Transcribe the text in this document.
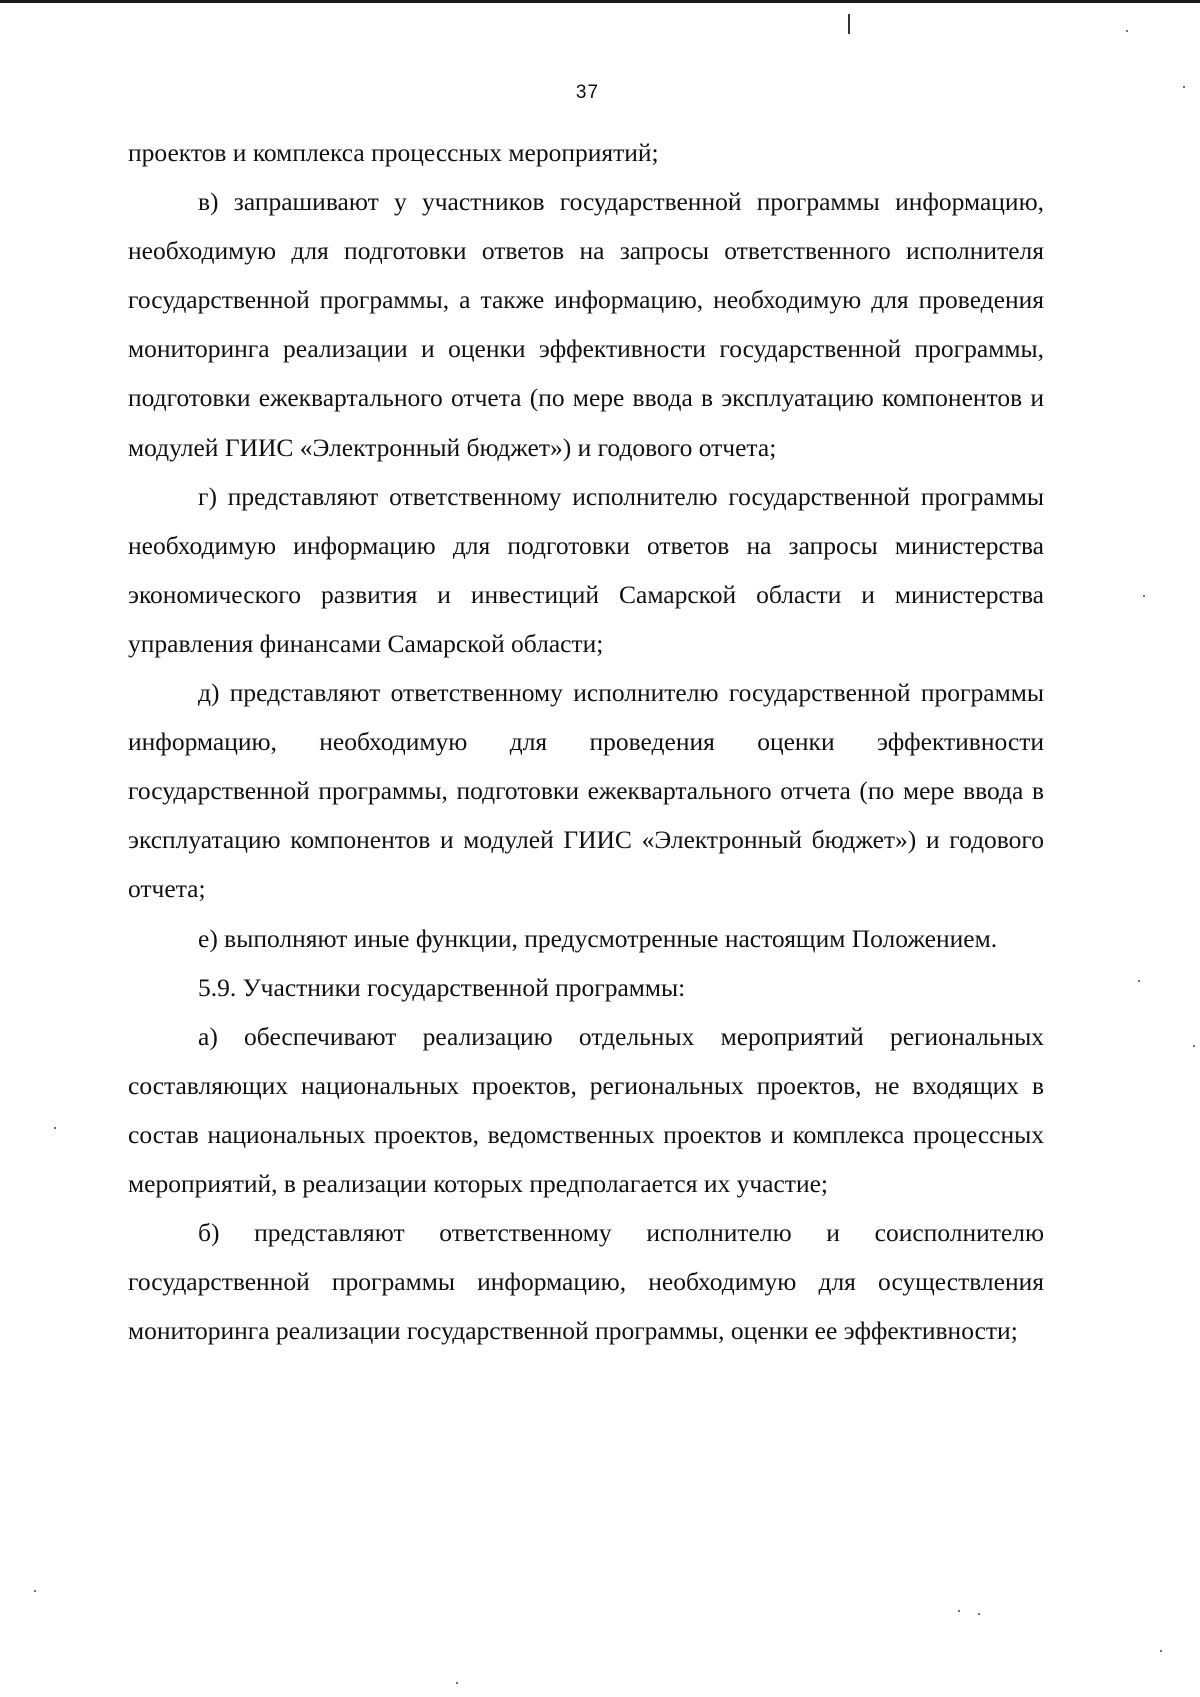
37

проектов и комплекса процессных мероприятий;

в) запрашивают у участников государственной программы информацию, необходимую для подготовки ответов на запросы ответственного исполнителя государственной программы, а также информацию, необходимую для проведения мониторинга реализации и оценки эффективности государственной программы, подготовки ежеквартального отчета (по мере ввода в эксплуатацию компонентов и модулей ГИИС «Электронный бюджет») и годового отчета;

г) представляют ответственному исполнителю государственной программы необходимую информацию для подготовки ответов на запросы министерства экономического развития и инвестиций Самарской области и министерства управления финансами Самарской области;

д) представляют ответственному исполнителю государственной программы информацию, необходимую для проведения оценки эффективности государственной программы, подготовки ежеквартального отчета (по мере ввода в эксплуатацию компонентов и модулей ГИИС «Электронный бюджет») и годового отчета;

е) выполняют иные функции, предусмотренные настоящим Положением.

5.9. Участники государственной программы:

а) обеспечивают реализацию отдельных мероприятий региональных составляющих национальных проектов, региональных проектов, не входящих в состав национальных проектов, ведомственных проектов и комплекса процессных мероприятий, в реализации которых предполагается их участие;

б) представляют ответственному исполнителю и соисполнителю государственной программы информацию, необходимую для осуществления мониторинга реализации государственной программы, оценки ее эффективности;
